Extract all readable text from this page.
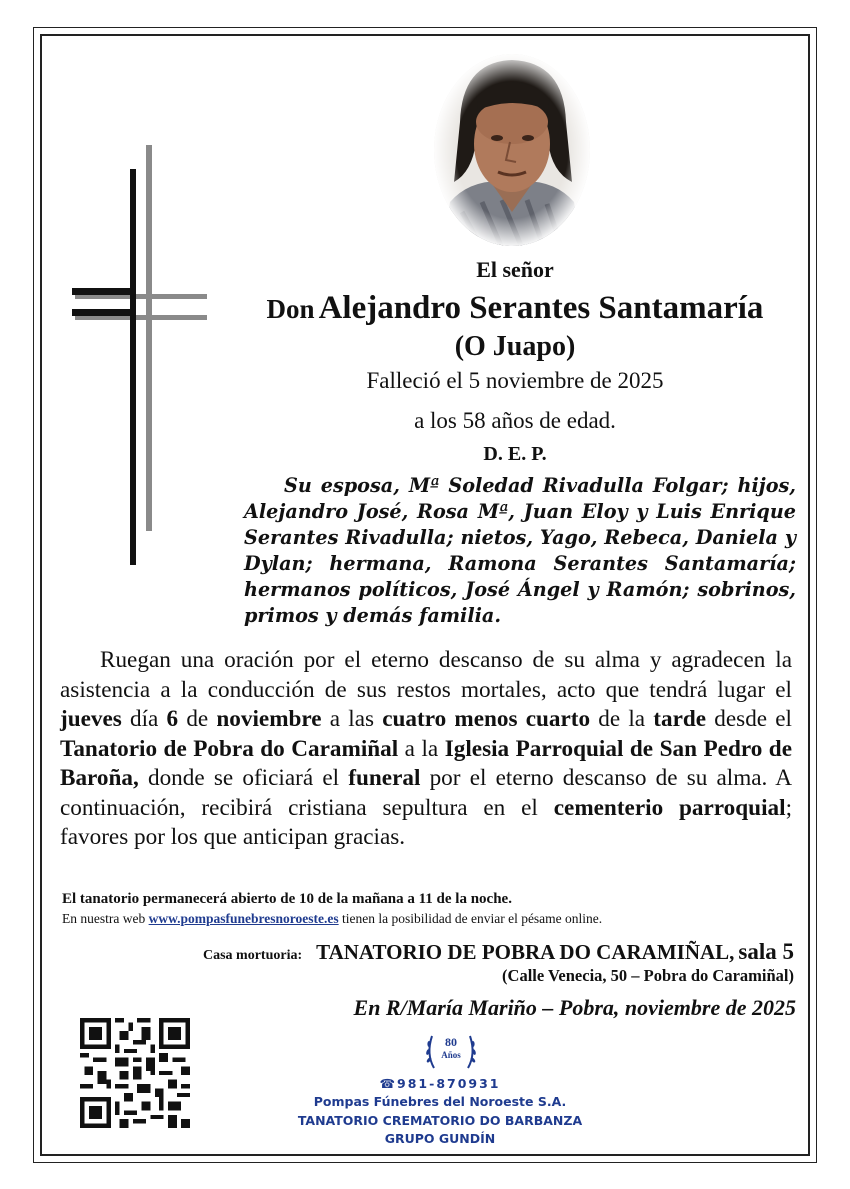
El señor
Don Alejandro Serantes Santamaría
(O Juapo)
Falleció el 5 noviembre de 2025
a los 58 años de edad.
D. E. P.
Su esposa, Mª Soledad Rivadulla Folgar; hijos, Alejandro José, Rosa Mª, Juan Eloy y Luis Enrique Serantes Rivadulla; nietos, Yago, Rebeca, Daniela y Dylan; hermana, Ramona Serantes Santamaría; hermanos políticos, José Ángel y Ramón; sobrinos, primos y demás familia.
Ruegan una oración por el eterno descanso de su alma y agradecen la asistencia a la conducción de sus restos mortales, acto que tendrá lugar el jueves día 6 de noviembre a las cuatro menos cuarto de la tarde desde el Tanatorio de Pobra do Caramiñal a la Iglesia Parroquial de San Pedro de Baroña, donde se oficiará el funeral por el eterno descanso de su alma. A continuación, recibirá cristiana sepultura en el cementerio parroquial; favores por los que anticipan gracias.
El tanatorio permanecerá abierto de 10 de la mañana a 11 de la noche.
En nuestra web www.pompasfunebresnoroeste.es tienen la posibilidad de enviar el pésame online.
Casa mortuoria: TANATORIO DE POBRA DO CARAMIÑAL, sala 5
(Calle Venecia, 50 – Pobra do Caramiñal)
En R/María Mariño – Pobra, noviembre de 2025
80
Años
☎981-870931
Pompas Fúnebres del Noroeste S.A.
TANATORIO CREMATORIO DO BARBANZA
GRUPO GUNDÍN
